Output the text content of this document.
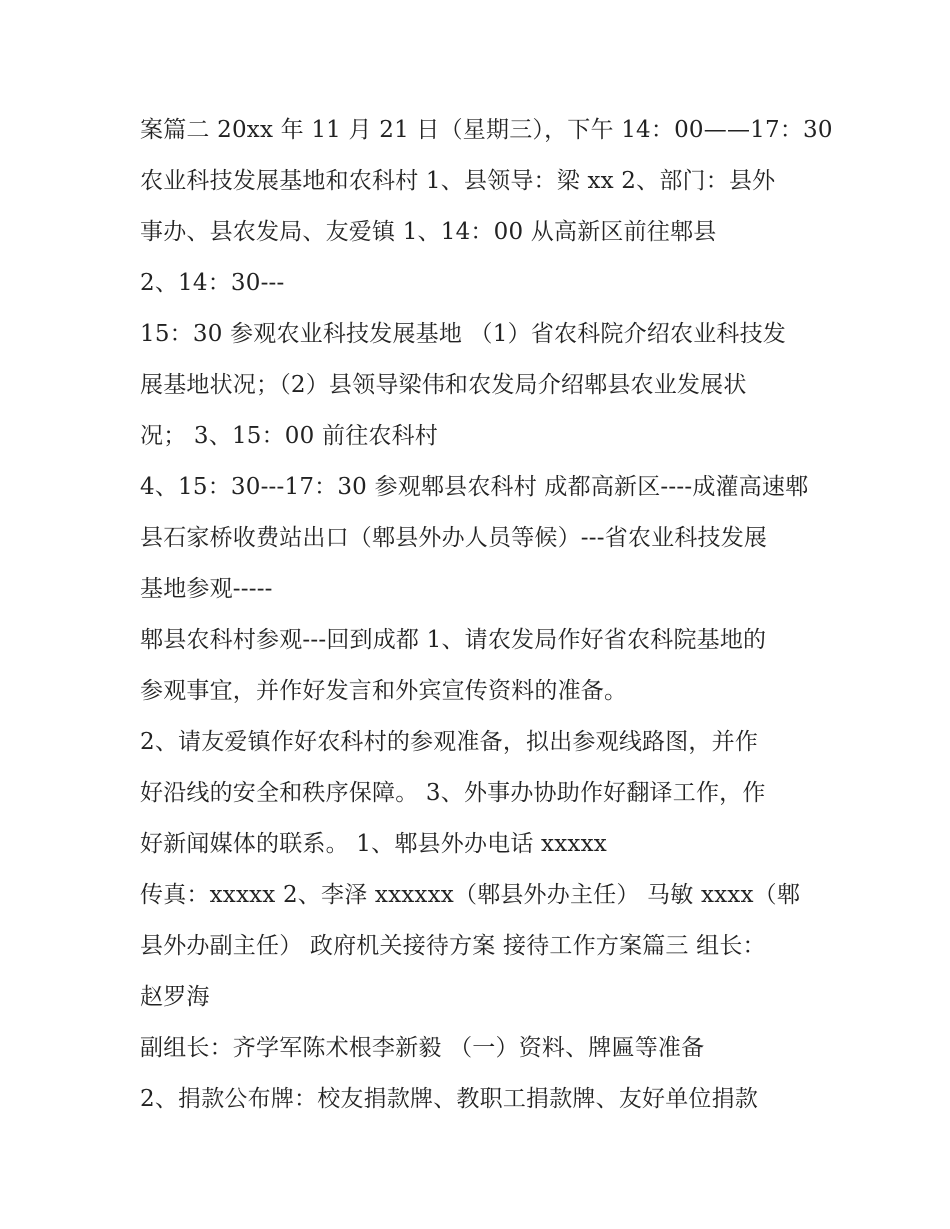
案篇二 20xx 年 11 月 21 日（星期三），下午 14：00——17：30
农业科技发展基地和农科村 1、县领导：梁 xx 2、部门：县外
事办、县农发局、友爱镇 1、14：00 从高新区前往郫县
2、14：30---
15：30 参观农业科技发展基地 （1）省农科院介绍农业科技发
展基地状况；（2）县领导梁伟和农发局介绍郫县农业发展状
况； 3、15：00 前往农科村
4、15：30---17：30 参观郫县农科村 成都高新区----成灌高速郫
县石家桥收费站出口（郫县外办人员等候）---省农业科技发展
基地参观-----
郫县农科村参观---回到成都 1、请农发局作好省农科院基地的
参观事宜，并作好发言和外宾宣传资料的准备。
2、请友爱镇作好农科村的参观准备，拟出参观线路图，并作
好沿线的安全和秩序保障。 3、外事办协助作好翻译工作，作
好新闻媒体的联系。 1、郫县外办电话 xxxxx
传真：xxxxx 2、李泽 xxxxxx（郫县外办主任） 马敏 xxxx（郫
县外办副主任） 政府机关接待方案 接待工作方案篇三 组长：
赵罗海
副组长：齐学军陈术根李新毅 （一）资料、牌匾等准备
2、捐款公布牌：校友捐款牌、教职工捐款牌、友好单位捐款
